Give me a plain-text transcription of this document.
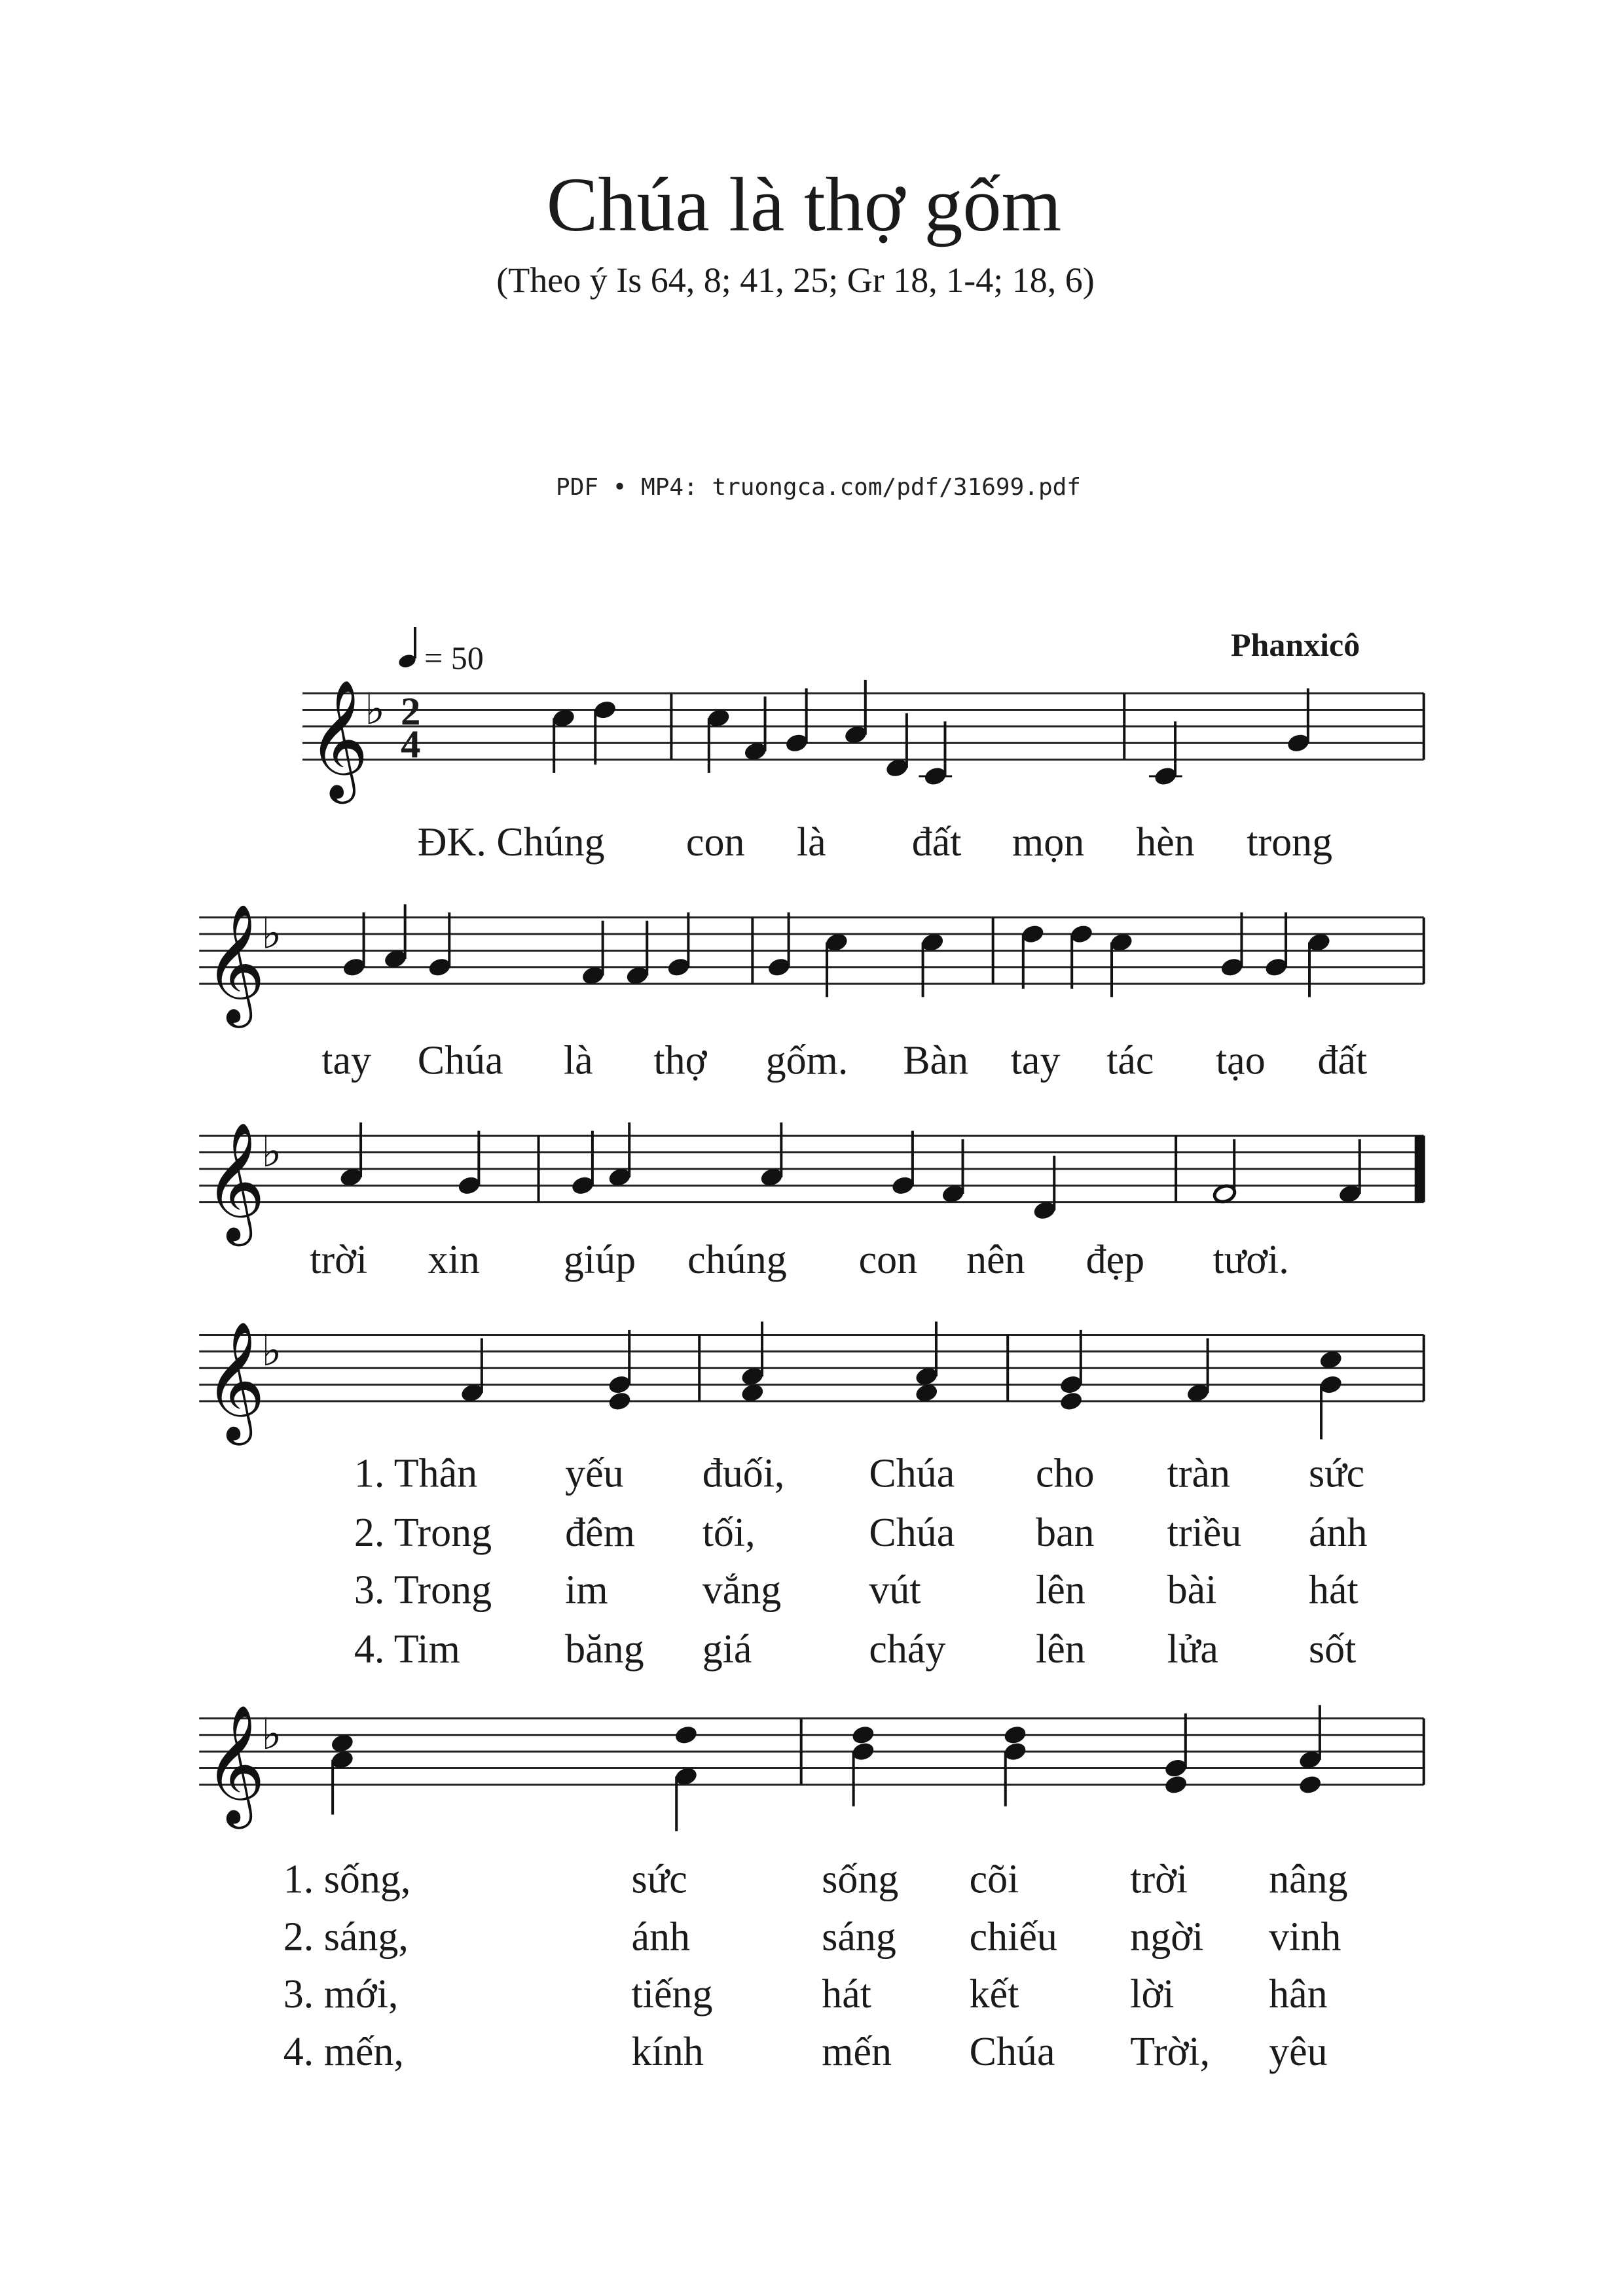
Chúa là thợ gốm
(Theo ý Is 64, 8; 41, 25; Gr 18, 1-4; 18, 6)
PDF • MP4: truongca.com/pdf/31699.pdf
= 50	Phanxicô
𝄞
♭ 2
4
𝄞
♭
𝄞
♭
𝄞
♭
𝄞
♭
ĐK. Chúng con là đất mọn hèn trong
tay Chúa là thợ gốm. Bàn tay tác tạo đất
trời xin giúp chúng con nên đẹp tươi.
1. Thân yếu đuối, Chúa cho tràn sức
2. Trong đêm tối,	Chúa ban triều ánh
3. Trong im vắng vút	lên bài hát
4. Tim	băng giá	cháy lên lửa sốt
1. sống,	sức	sống cõi	trời nâng
2. sáng,	ánh	sáng chiếu ngời vinh
3. mới,	tiếng	hát kết	lời hân
4. mến,	kính	mến Chúa Trời, yêu
